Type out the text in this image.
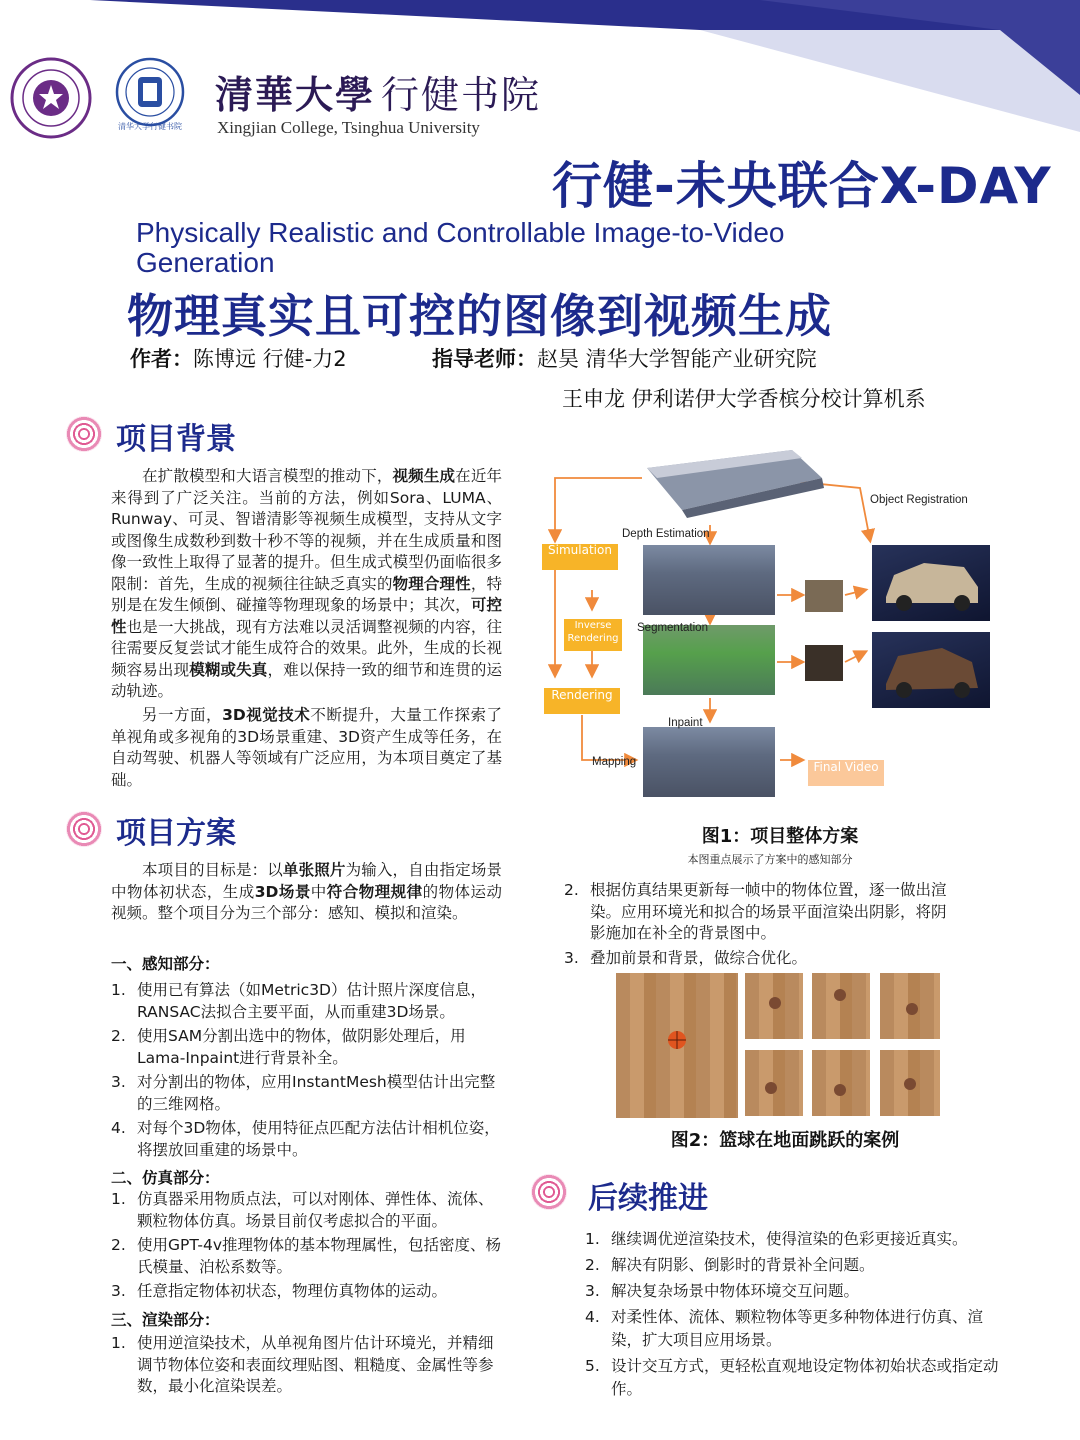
清华大学行健书院
清華大學 行健书院
Xingjian College, Tsinghua University
行健-未央联合X-DAY
Physically Realistic and Controllable Image-to-Video Generation
物理真实且可控的图像到视频生成
作者：陈博远 行健-力2	指导老师：赵昊 清华大学智能产业研究院
王申龙 伊利诺伊大学香槟分校计算机系
项目背景
在扩散模型和大语言模型的推动下，视频生成在近年来得到了广泛关注。当前的方法，例如Sora、LUMA、Runway、可灵、智谱清影等视频生成模型，支持从文字或图像生成数秒到数十秒不等的视频，并在生成质量和图像一致性上取得了显著的提升。但生成式模型仍面临很多限制：首先，生成的视频往往缺乏真实的物理合理性，特别是在发生倾倒、碰撞等物理现象的场景中；其次，可控性也是一大挑战，现有方法难以灵活调整视频的内容，往往需要反复尝试才能生成符合的效果。此外，生成的长视频容易出现模糊或失真，难以保持一致的细节和连贯的运动轨迹。
另一方面，3D视觉技术不断提升，大量工作探索了单视角或多视角的3D场景重建、3D资产生成等任务，在自动驾驶、机器人等领域有广泛应用，为本项目奠定了基础。
项目方案
本项目的目标是：以单张照片为输入，自由指定场景中物体初状态，生成3D场景中符合物理规律的物体运动视频。整个项目分为三个部分：感知、模拟和渲染。
一、感知部分：
1. 使用已有算法（如Metric3D）估计照片深度信息，RANSAC法拟合主要平面，从而重建3D场景。
2. 使用SAM分割出选中的物体，做阴影处理后，用Lama-Inpaint进行背景补全。
3. 对分割出的物体，应用InstantMesh模型估计出完整的三维网格。
4. 对每个3D物体，使用特征点匹配方法估计相机位姿，将摆放回重建的场景中。
二、仿真部分：
1. 仿真器采用物质点法，可以对刚体、弹性体、流体、颗粒物体仿真。场景目前仅考虑拟合的平面。
2. 使用GPT-4v推理物体的基本物理属性，包括密度、杨氏模量、泊松系数等。
3. 任意指定物体初状态，物理仿真物体的运动。
三、渲染部分：
1. 使用逆渲染技术，从单视角图片估计环境光，并精细调节物体位姿和表面纹理贴图、粗糙度、金属性等参数，最小化渲染误差。
Simulation
Inverse Rendering
Rendering
Final Video
Object Registration
Depth Estimation
Segmentation
Inpaint
Mapping
图1：项目整体方案
本图重点展示了方案中的感知部分
2. 根据仿真结果更新每一帧中的物体位置，逐一做出渲染。应用环境光和拟合的场景平面渲染出阴影，将阴影施加在补全的背景图中。
3. 叠加前景和背景，做综合优化。
图2：篮球在地面跳跃的案例
后续推进
1. 继续调优逆渲染技术，使得渲染的色彩更接近真实。
2. 解决有阴影、倒影时的背景补全问题。
3. 解决复杂场景中物体环境交互问题。
4. 对柔性体、流体、颗粒物体等更多种物体进行仿真、渲染，扩大项目应用场景。
5. 设计交互方式，更轻松直观地设定物体初始状态或指定动作。
